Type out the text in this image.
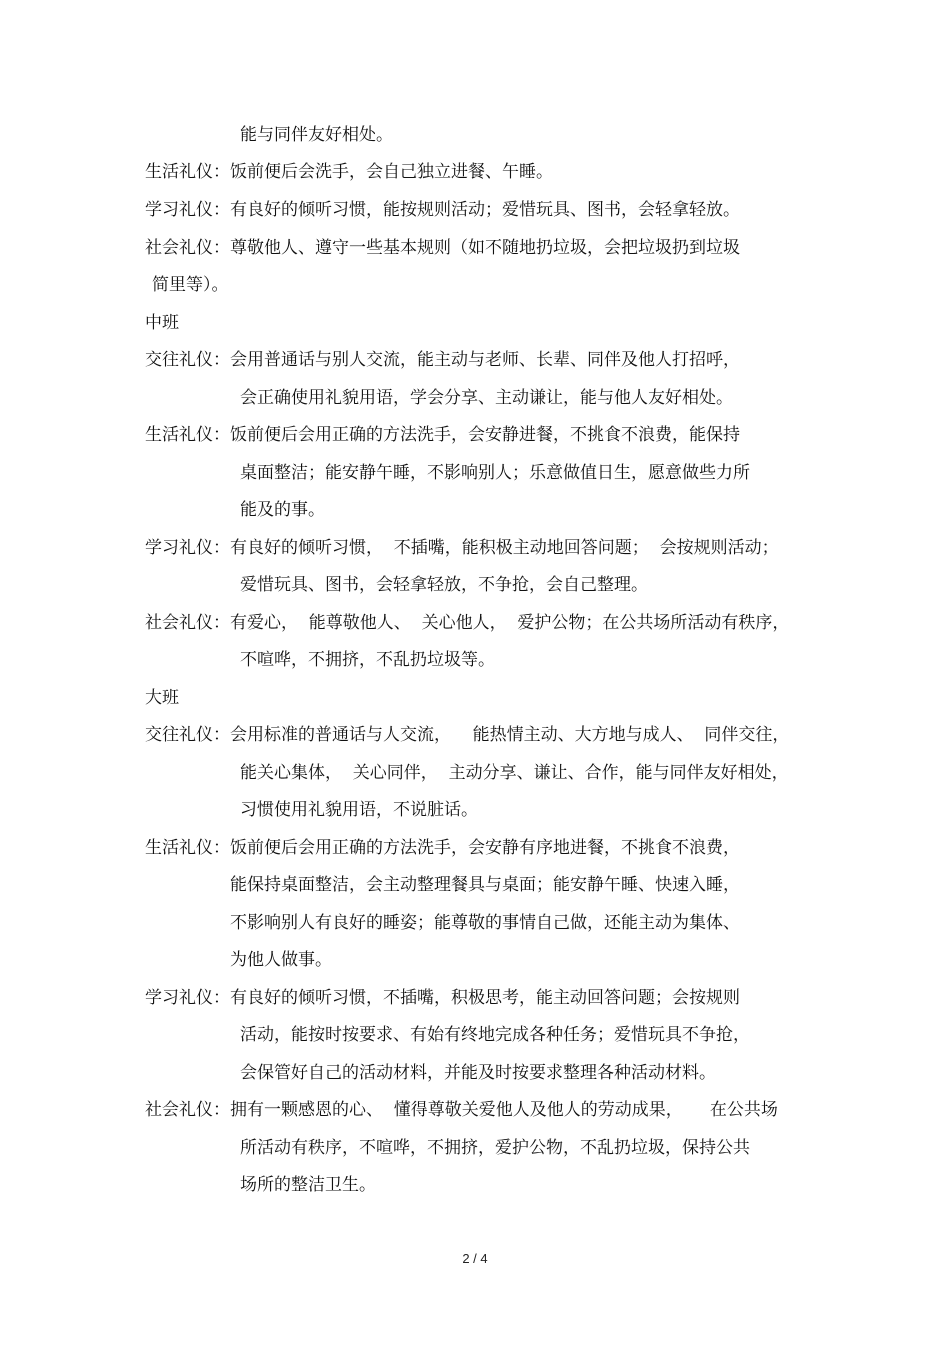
能与同伴友好相处。

生活礼仪：饭前便后会洗手，会自己独立进餐、午睡。

学习礼仪：有良好的倾听习惯，能按规则活动；爱惜玩具、图书，会轻拿轻放。

社会礼仪：尊敬他人、遵守一些基本规则（如不随地扔垃圾，会把垃圾扔到垃圾

简里等）。

中班

交往礼仪：会用普通话与别人交流，能主动与老师、长辈、同伴及他人打招呼，

会正确使用礼貌用语，学会分享、主动谦让，能与他人友好相处。

生活礼仪：饭前便后会用正确的方法洗手，会安静进餐，不挑食不浪费，能保持

桌面整洁；能安静午睡，不影响别人；乐意做值日生，愿意做些力所

能及的事。

学习礼仪：有良好的倾听习惯，  不插嘴，能积极主动地回答问题；  会按规则活动；

爱惜玩具、图书，会轻拿轻放，不争抢，会自己整理。

社会礼仪：有爱心，  能尊敬他人、  关心他人，  爱护公物；在公共场所活动有秩序，

不喧哗，不拥挤，不乱扔垃圾等。

大班

交往礼仪：会用标准的普通话与人交流，    能热情主动、大方地与成人、  同伴交往，

能关心集体，  关心同伴，  主动分享、谦让、合作，能与同伴友好相处，

习惯使用礼貌用语，不说脏话。

生活礼仪：饭前便后会用正确的方法洗手，会安静有序地进餐，不挑食不浪费，

能保持桌面整洁，会主动整理餐具与桌面；能安静午睡、快速入睡，

不影响别人有良好的睡姿；能尊敬的事情自己做，还能主动为集体、

为他人做事。

学习礼仪：有良好的倾听习惯，不插嘴，积极思考，能主动回答问题；会按规则

活动，能按时按要求、有始有终地完成各种任务；爱惜玩具不争抢，

会保管好自己的活动材料，并能及时按要求整理各种活动材料。

社会礼仪：拥有一颗感恩的心、  懂得尊敬关爱他人及他人的劳动成果，     在公共场

所活动有秩序，不喧哗，不拥挤，爱护公物，不乱扔垃圾，保持公共

场所的整洁卫生。

2 / 4
